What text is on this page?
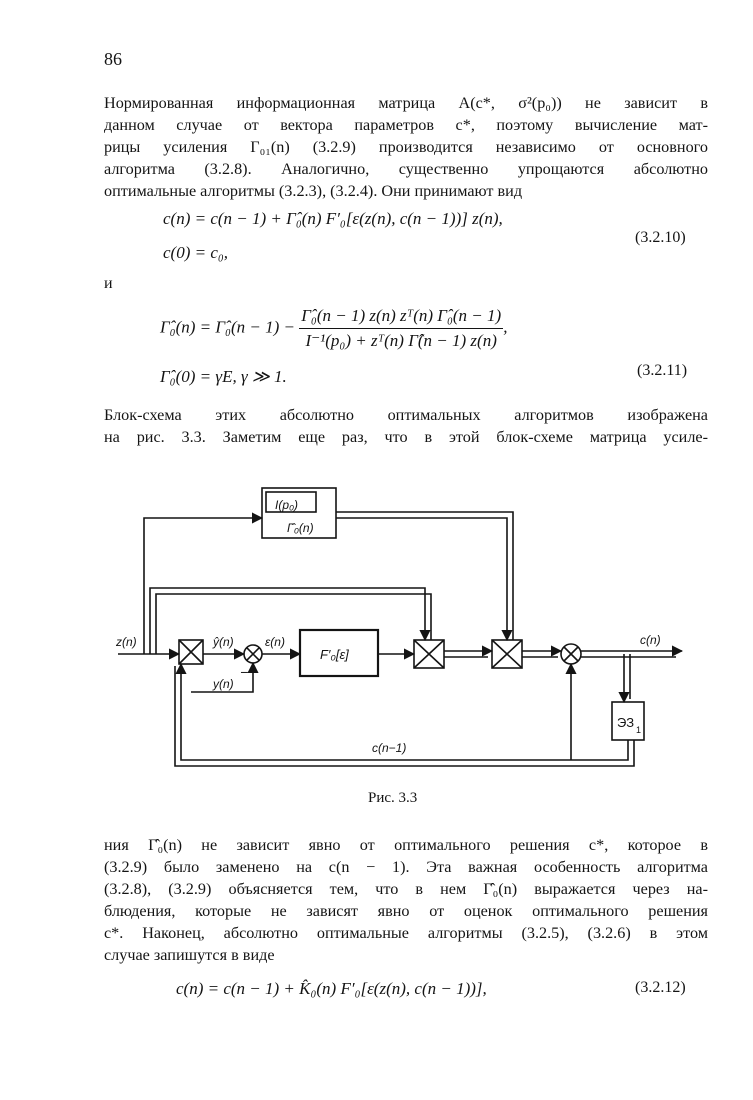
86
Нормированная информационная матрица A(c*, σ²(p₀)) не зависит в
данном случае от вектора параметров c*, поэтому вычисление мат-
рицы усиления Γ₀₁(n) (3.2.9) производится независимо от основного
алгоритма (3.2.8). Аналогично, существенно упрощаются абсолютно
оптимальные алгоритмы (3.2.3), (3.2.4). Они принимают вид
c(n) = c(n − 1) + Γ̂₀(n) F′₀[ε(z(n), c(n − 1))] z(n),
c(0) = c₀,
(3.2.10)
и
Γ̂₀(n) = Γ̂₀(n − $1) - \frac{\text{Γ̂₀(n − 1) z(n) zᵀ(n) Γ̂₀(n − 1)}}{\text{I⁻¹(p₀) + zᵀ(n) Γ̂(n − 1) z(n)}}$ ,
Γ̂₀(0) = γE, γ ≫ 1.	(3.2.11)
Блок-схема этих абсолютно оптимальных алгоритмов изображена
на рис. 3.3. Заметим еще раз, что в этой блок-схеме матрица усиле-
I(p₀)
Γ̂₀(n)
z(n)	ŷ(n)	ε(n)
y(n)
−
F′₀[ε]
c(n)
ЭЗ 1
c(n−1)
Рис. 3.3
ния Γ̂₀(n) не зависит явно от оптимального решения c*, которое в
(3.2.9) было заменено на c(n − 1). Эта важная особенность алгоритма
(3.2.8), (3.2.9) объясняется тем, что в нем Γ̂₀(n) выражается через на-
блюдения, которые не зависят явно от оценок оптимального решения
c*. Наконец, абсолютно оптимальные алгоритмы (3.2.5), (3.2.6) в этом
случае запишутся в виде
c(n) = c(n − 1) + K̂₀(n) F′₀[ε(z(n), c(n − 1))],	(3.2.12)
